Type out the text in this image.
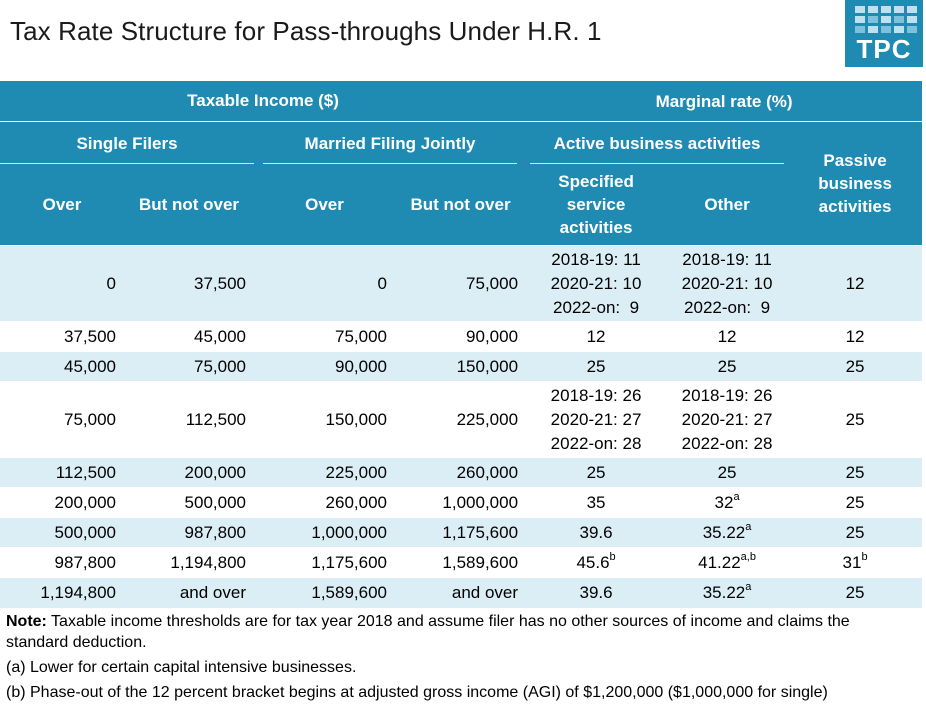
Tax Rate Structure for Pass-throughs Under H.R. 1
TPC
Taxable Income ($)				Marginal rate (%)		
Single Filers		Married Filing Jointly		Active business activities		Passive business activities
Over	But not over	Over	But not over	Specified service activities	Other	
0	37,500	0	75,000	2018-19: 11
2020-21: 10
2022-on:  9	2018-19: 11
2020-21: 10
2022-on:  9	12
37,500	45,000	75,000	90,000	12	12	12
45,000	75,000	90,000	150,000	25	25	25
75,000	112,500	150,000	225,000	2018-19: 26
2020-21: 27
2022-on: 28	2018-19: 26
2020-21: 27
2022-on: 28	25
112,500	200,000	225,000	260,000	25	25	25
200,000	500,000	260,000	1,000,000	35	32$^a$	25
500,000	987,800	1,000,000	1,175,600	39.6	35.22$^a$	25
987,800	1,194,800	1,175,600	1,589,600	45.6$^b$	41.22$^{a,b}$	31$^b$
1,194,800	and over	1,589,600	and over	39.6	35.22$^a$	25

Note: Taxable income thresholds are for tax year 2018 and assume filer has no other sources of income and claims the standard deduction.

(a) Lower for certain capital intensive businesses.

(b) Phase-out of the 12 percent bracket begins at adjusted gross income (AGI) of $1,200,000 ($1,000,000 for single)
